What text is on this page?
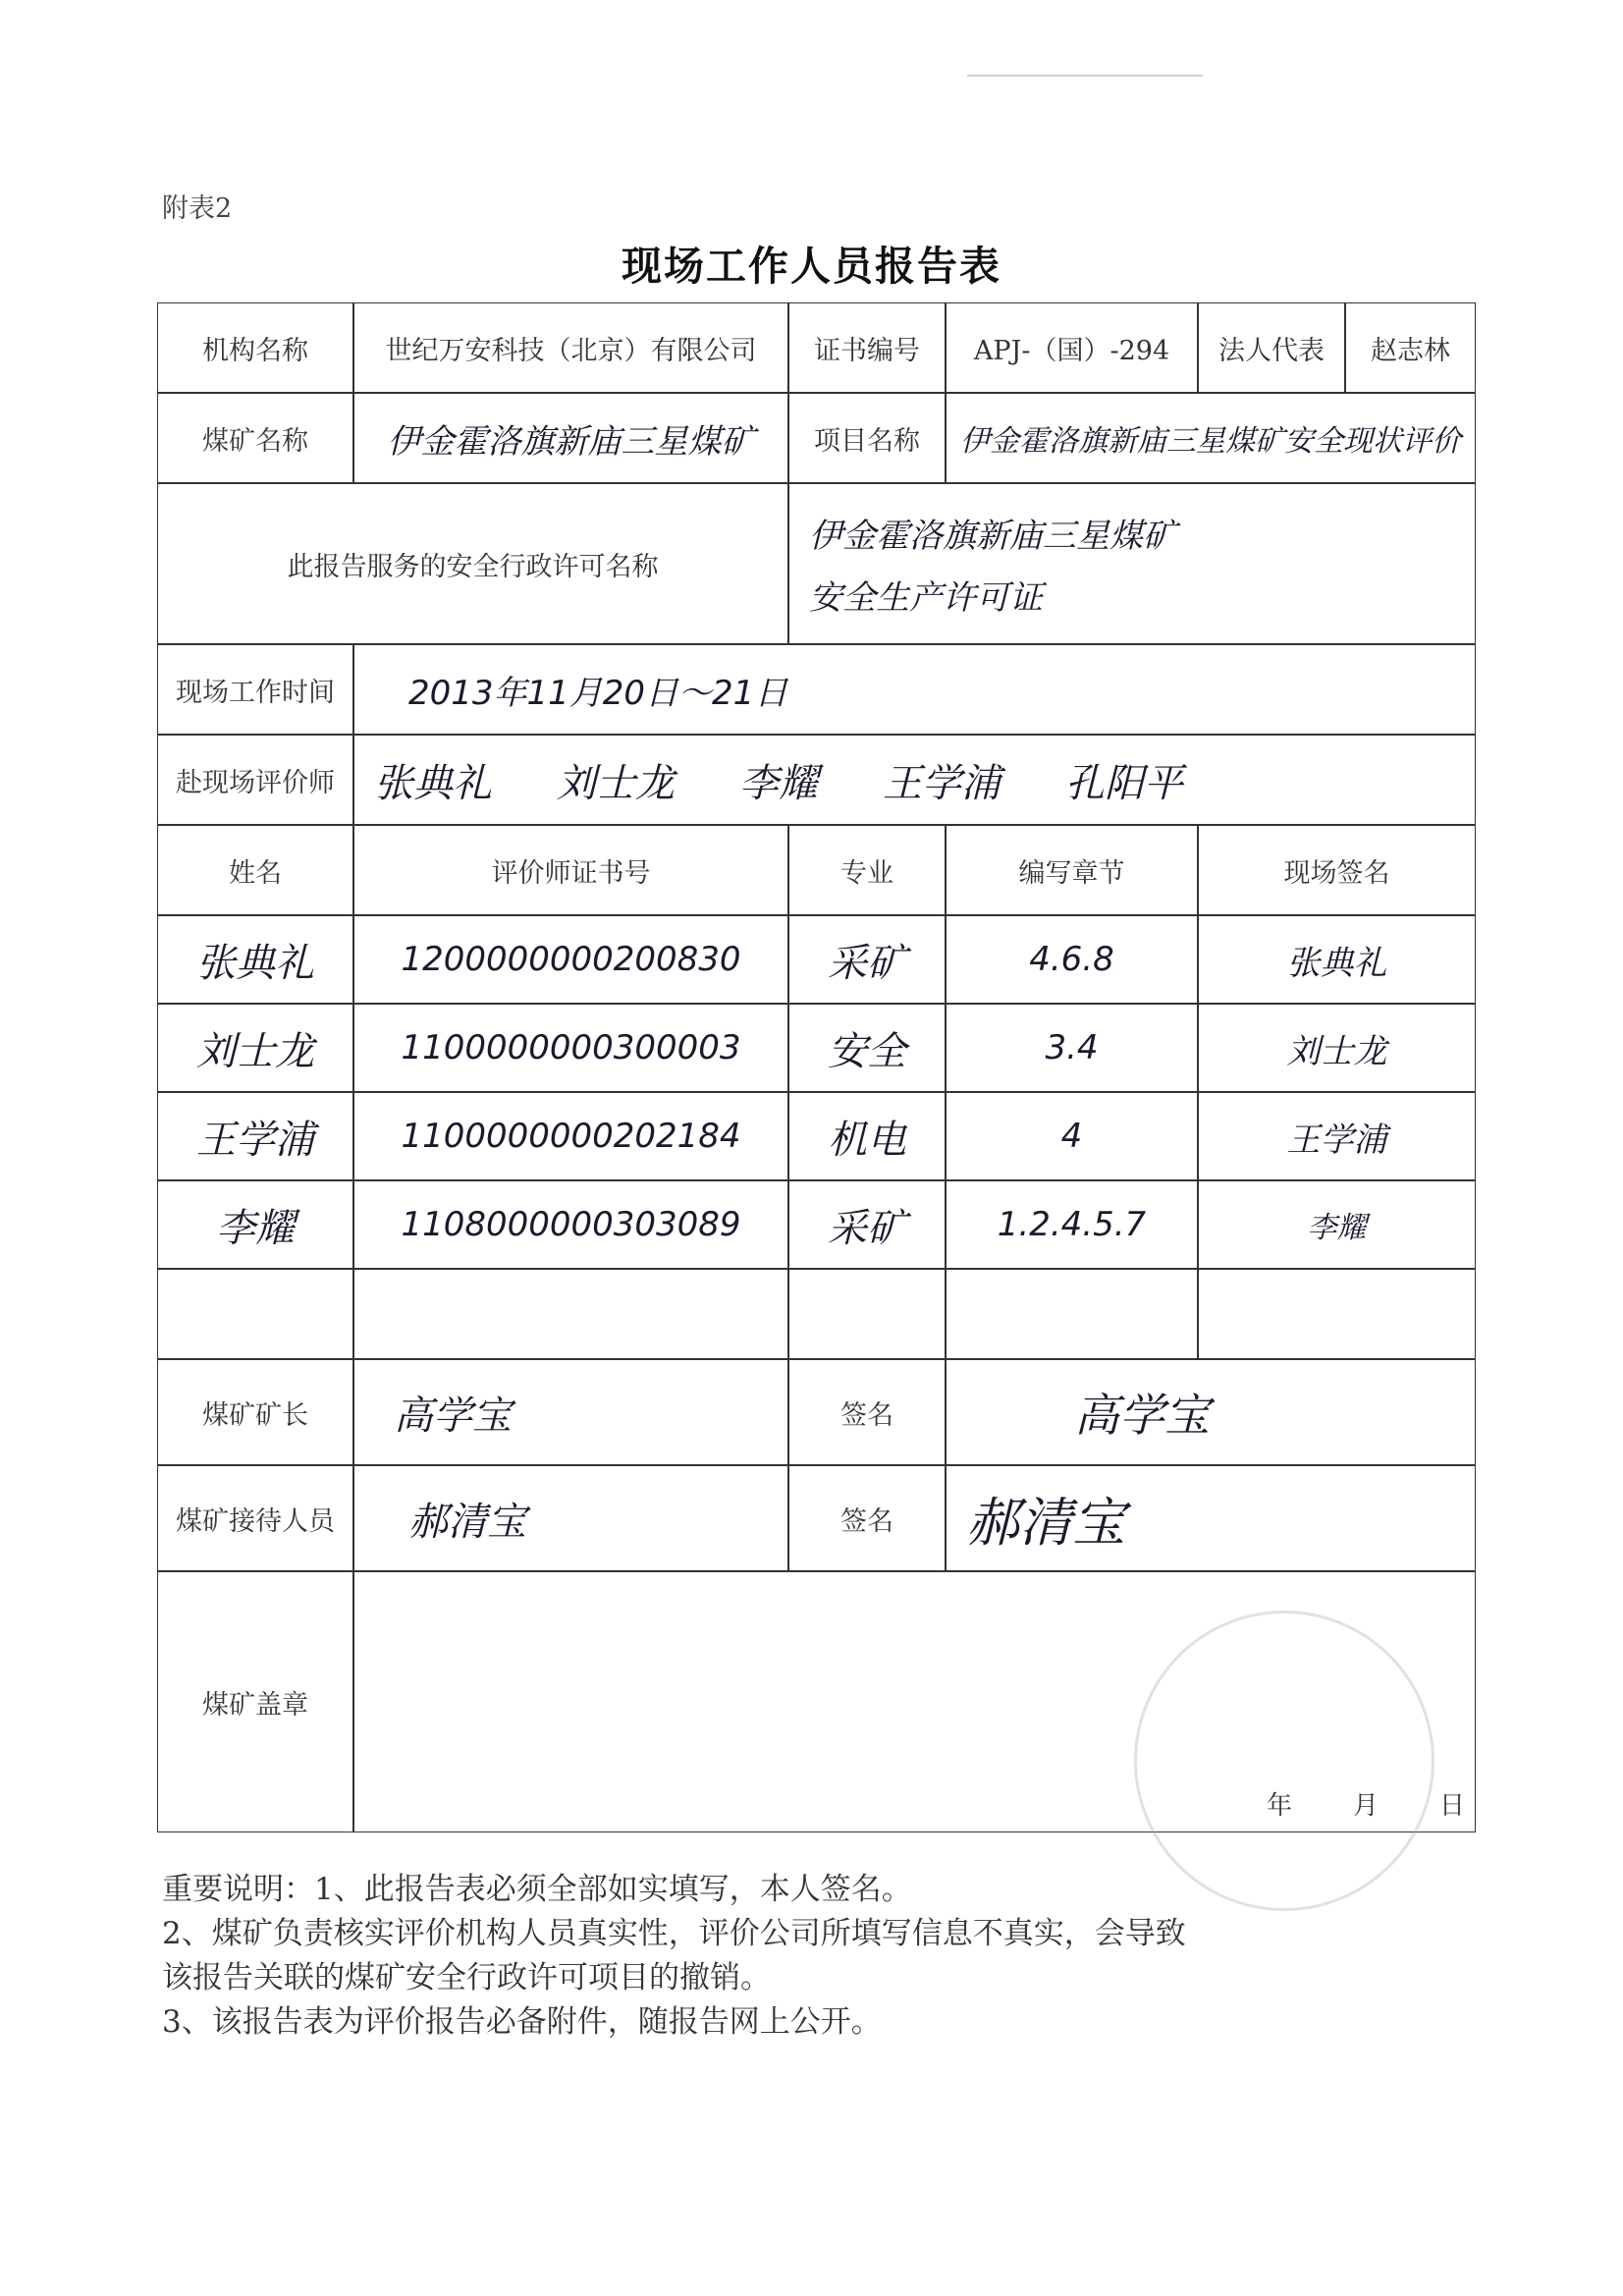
附表2
现场工作人员报告表
机构名称	世纪万安科技（北京）有限公司	证书编号	APJ-（国）-294	法人代表	赵志林
煤矿名称	伊金霍洛旗新庙三星煤矿	项目名称	伊金霍洛旗新庙三星煤矿安全现状评价
此报告服务的安全行政许可名称
伊金霍洛旗新庙三星煤矿
安全生产许可证
现场工作时间	2013年11月20日～21日
赴现场评价师	张典礼 刘士龙 李耀 王学浦 孔阳平
姓名	评价师证书号	专业	编写章节	现场签名
张典礼	1200000000200830	采矿	4.6.8	张典礼
刘士龙	1100000000300003	安全	3.4	刘士龙
王学浦	1100000000202184	机电	4	王学浦
李耀	1108000000303089	采矿	1.2.4.5.7	李耀
煤矿矿长	高学宝	签名	高学宝
煤矿接待人员	郝清宝	签名	郝清宝
煤矿盖章
年 月 日

重要说明：1、此报告表必须全部如实填写，本人签名。

2、煤矿负责核实评价机构人员真实性，评价公司所填写信息不真实，会导致

该报告关联的煤矿安全行政许可项目的撤销。

3、该报告表为评价报告必备附件，随报告网上公开。
